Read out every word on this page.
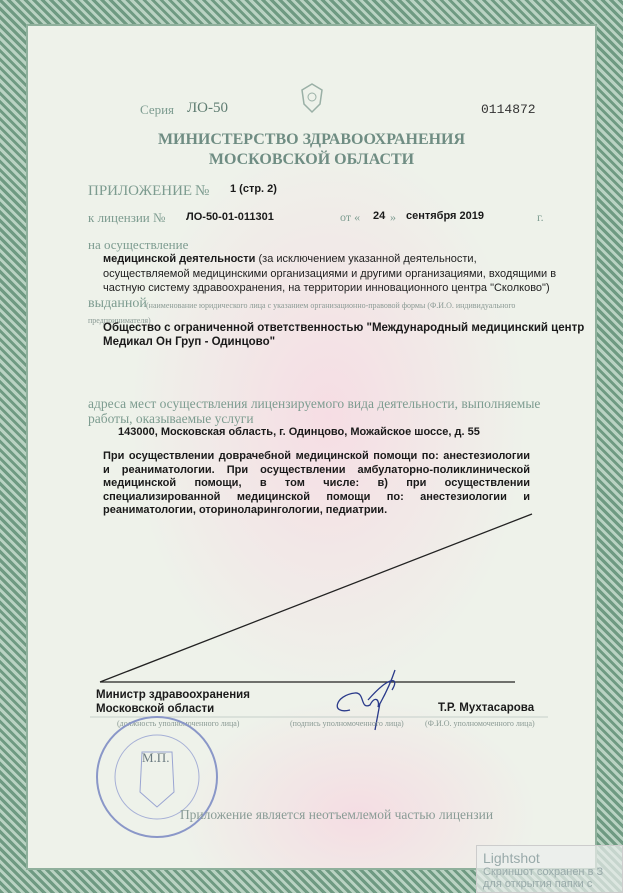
Серия ЛО-50	0114872
МИНИСТЕРСТВО ЗДРАВООХРАНЕНИЯ
МОСКОВСКОЙ ОБЛАСТИ
ПРИЛОЖЕНИЕ № 1 (стр. 2)
к лицензии № ЛО-50-01-011301	от « 24 » сентября 2019	г.
на осуществление
медицинской деятельности (за исключением указанной деятельности,
осуществляемой медицинскими организациями и другими организациями, входящими в
частную систему здравоохранения, на территории инновационного центра "Сколково")
выданной (наименование юридического лица с указанием организационно-правовой формы (Ф.И.О. индивидуального
предпринимателя)
Общество с ограниченной ответственностью "Международный медицинский центр
Медикал Он Груп - Одинцово"
адреса мест осуществления лицензируемого вида деятельности, выполняемые
работы, оказываемые услуги
143000, Московская область, г. Одинцово, Можайское шоссе, д. 55
При осуществлении доврачебной медицинской помощи по: анестезиологии и реаниматологии. При осуществлении амбулаторно-поликлинической медицинской помощи, в том числе: в) при осуществлении специализированной медицинской помощи по: анестезиологии и реаниматологии, оториноларингологии, педиатрии.
Министр здравоохранения
Московской области	Т.Р. Мухтасарова
(должность уполномоченного лица)	(подпись уполномоченного лица)	(Ф.И.О. уполномоченного лица)
М.П.
Приложение является неотъемлемой частью лицензии
Lightshot
Скриншот сохранен в З
для открытия папки с
